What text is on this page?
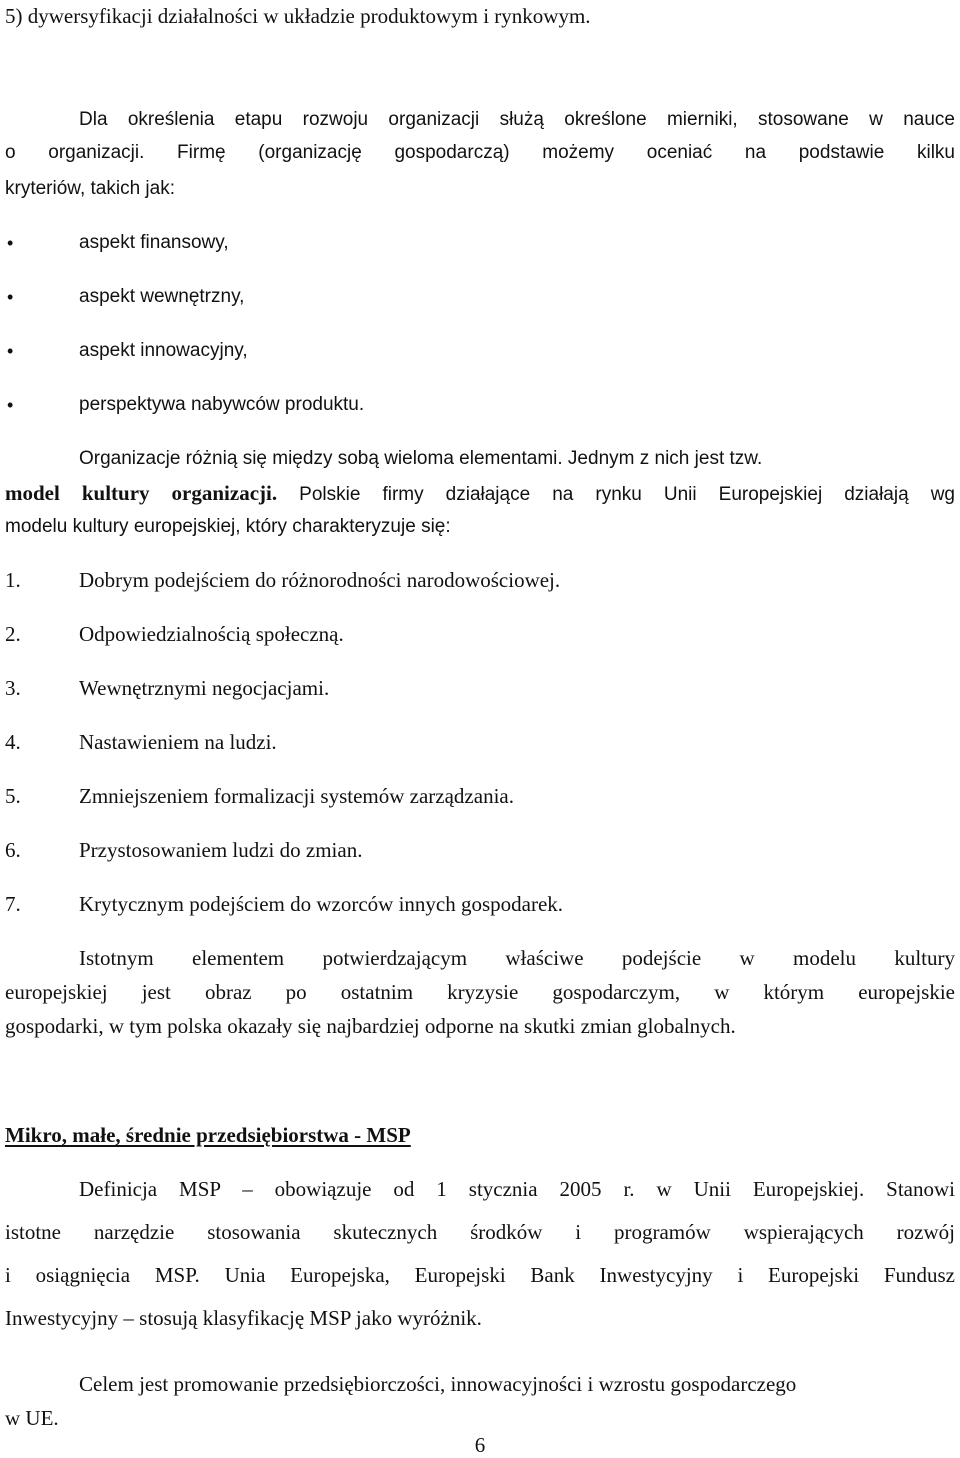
5) dywersyfikacji działalności w układzie produktowym i rynkowym.
Dla określenia etapu rozwoju organizacji służą określone mierniki, stosowane w nauce
o organizacji. Firmę (organizację gospodarczą) możemy oceniać na podstawie kilku
kryteriów, takich jak:
•	aspekt finansowy,
•	aspekt wewnętrzny,
•	aspekt innowacyjny,
•	perspektywa nabywców produktu.
Organizacje różnią się między sobą wieloma elementami. Jednym z nich jest tzw.
model kultury organizacji. Polskie firmy działające na rynku Unii Europejskiej działają wg
modelu kultury europejskiej, który charakteryzuje się:
1.	Dobrym podejściem do różnorodności narodowościowej.
2.	Odpowiedzialnością społeczną.
3.	Wewnętrznymi negocjacjami.
4.	Nastawieniem na ludzi.
5.	Zmniejszeniem formalizacji systemów zarządzania.
6.	Przystosowaniem ludzi do zmian.
7.	Krytycznym podejściem do wzorców innych gospodarek.
Istotnym elementem potwierdzającym właściwe podejście w modelu kultury
europejskiej jest obraz po ostatnim kryzysie gospodarczym, w którym europejskie
gospodarki, w tym polska okazały się najbardziej odporne na skutki zmian globalnych.
Mikro, małe, średnie przedsiębiorstwa - MSP
Definicja MSP – obowiązuje od 1 stycznia 2005 r. w Unii Europejskiej. Stanowi
istotne narzędzie stosowania skutecznych środków i programów wspierających rozwój
i osiągnięcia MSP. Unia Europejska, Europejski Bank Inwestycyjny i Europejski Fundusz
Inwestycyjny – stosują klasyfikację MSP jako wyróżnik.
Celem jest promowanie przedsiębiorczości, innowacyjności i wzrostu gospodarczego
w UE.
6
